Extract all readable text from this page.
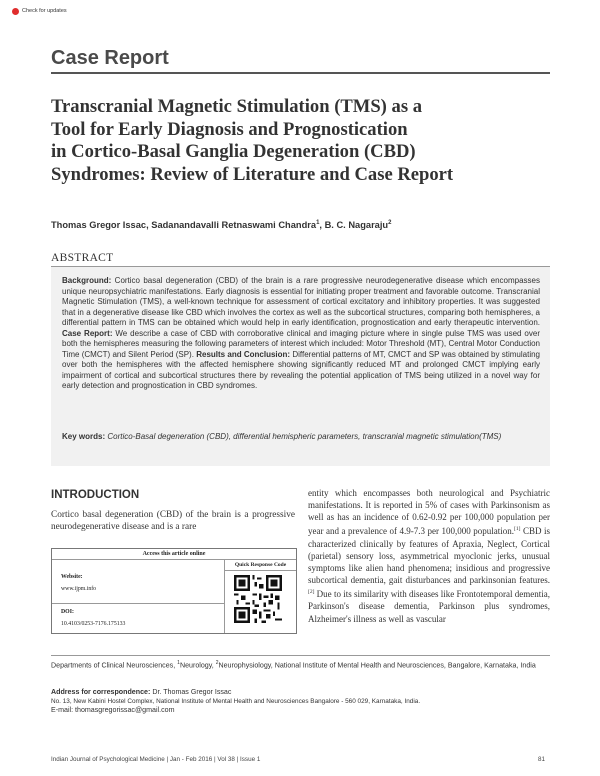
Check for updates
Case Report
Transcranial Magnetic Stimulation (TMS) as a
Tool for Early Diagnosis and Prognostication
in Cortico-Basal Ganglia Degeneration (CBD)
Syndromes: Review of Literature and Case Report
Thomas Gregor Issac, Sadanandavalli Retnaswami Chandra$^1$, B. C. Nagaraju$^2$
ABSTRACT
Background: Cortico basal degeneration (CBD) of the brain is a rare progressive neurodegenerative disease which encompasses unique neuropsychiatric manifestations. Early diagnosis is essential for initiating proper treatment and favorable outcome. Transcranial Magnetic Stimulation (TMS), a well-known technique for assessment of cortical excitatory and inhibitory properties. It was suggested that in a degenerative disease like CBD which involves the cortex as well as the subcortical structures, comparing both hemispheres, a differential pattern in TMS can be obtained which would help in early identification, prognostication and early therapeutic intervention. Case Report: We describe a case of CBD with corroborative clinical and imaging picture where in single pulse TMS was used over both the hemispheres measuring the following parameters of interest which included: Motor Threshold (MT), Central Motor Conduction Time (CMCT) and Silent Period (SP). Results and Conclusion: Differential patterns of MT, CMCT and SP was obtained by stimulating over both the hemispheres with the affected hemisphere showing significantly reduced MT and prolonged CMCT implying early impairment of cortical and subcortical structures there by revealing the potential application of TMS being utilized in a novel way for early detection and prognostication in CBD syndromes.
Key words: Cortico-Basal degeneration (CBD), differential hemispheric parameters, transcranial magnetic stimulation(TMS)
INTRODUCTION
Cortico basal degeneration (CBD) of the brain is a progressive neurodegenerative disease and is a rare
entity which encompasses both neurological and Psychiatric manifestations. It is reported in 5% of cases with Parkinsonism as well as has an incidence of 0.62-0.92 per 100,000 population per year and a prevalence of 4.9-7.3 per 100,000 population.[1] CBD is characterized clinically by features of Apraxia, Neglect, Cortical (parietal) sensory loss, asymmetrical myoclonic jerks, unusual symptoms like alien hand phenomena; insidious and progressive subcortical dementia, gait disturbances and parkinsonian features.[2] Due to its similarity with diseases like Frontotemporal dementia, Parkinson's disease dementia, Parkinson plus syndromes, Alzheimer's illness as well as vascular
Access this article online
Website:
www.ijpm.info
DOI:
10.4103/0253-7176.175133
Quick Response Code
Departments of Clinical Neurosciences, $^1$Neurology, $^2$Neurophysiology, National Institute of Mental Health and Neurosciences, Bangalore, Karnataka, India
Address for correspondence: Dr. Thomas Gregor Issac
No. 13, New Kabini Hostel Complex, National Institute of Mental Health and Neurosciences Bangalore - 560 029, Karnataka, India.
E-mail: thomasgregorissac@gmail.com
Indian Journal of Psychological Medicine | Jan - Feb 2016 | Vol 38 | Issue 1	81
